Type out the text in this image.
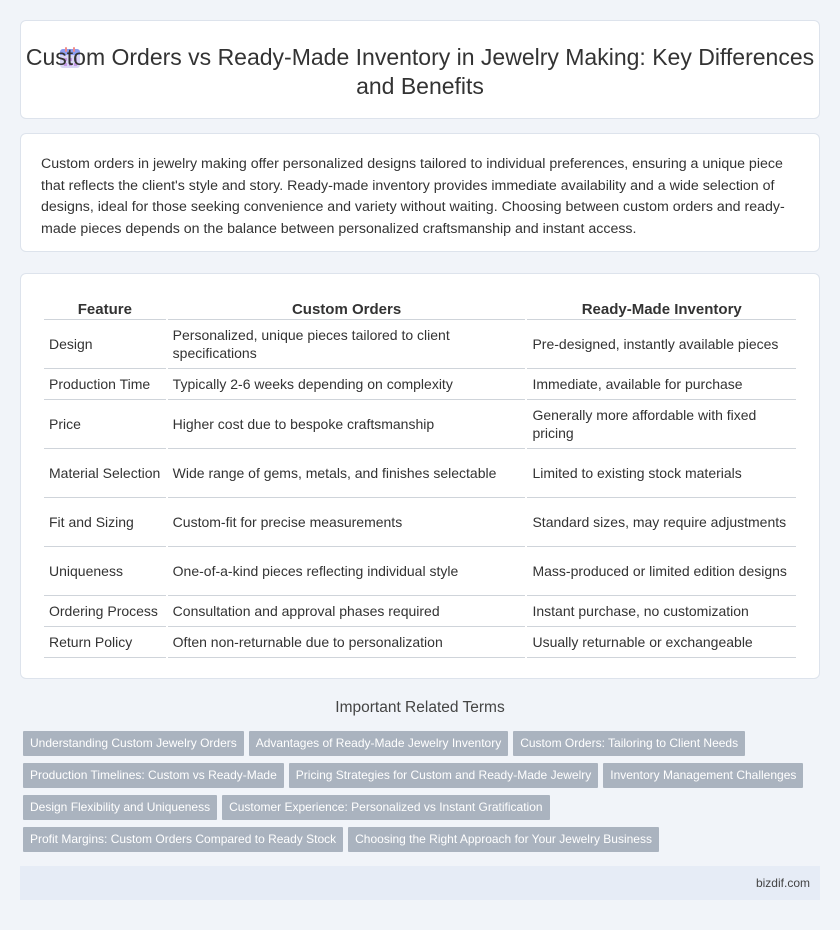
Custom Orders vs Ready-Made Inventory in Jewelry Making: Key Differences and Benefits

Custom orders in jewelry making offer personalized designs tailored to individual preferences, ensuring a unique piece that reflects the client's style and story. Ready-made inventory provides immediate availability and a wide selection of designs, ideal for those seeking convenience and variety without waiting. Choosing between custom orders and ready-made pieces depends on the balance between personalized craftsmanship and instant access.

Feature	Custom Orders	Ready-Made Inventory
Design	Personalized, unique pieces tailored to client specifications	Pre-designed, instantly available pieces
Production Time	Typically 2-6 weeks depending on complexity	Immediate, available for purchase
Price	Higher cost due to bespoke craftsmanship	Generally more affordable with fixed pricing
Material Selection	Wide range of gems, metals, and finishes selectable	Limited to existing stock materials
Fit and Sizing	Custom-fit for precise measurements	Standard sizes, may require adjustments
Uniqueness	One-of-a-kind pieces reflecting individual style	Mass-produced or limited edition designs
Ordering Process	Consultation and approval phases required	Instant purchase, no customization
Return Policy	Often non-returnable due to personalization	Usually returnable or exchangeable
Important Related Terms
Understanding Custom Jewelry Orders Advantages of Ready-Made Jewelry Inventory Custom Orders: Tailoring to Client Needs
Production Timelines: Custom vs Ready-Made Pricing Strategies for Custom and Ready-Made Jewelry Inventory Management Challenges
Design Flexibility and Uniqueness Customer Experience: Personalized vs Instant Gratification
Profit Margins: Custom Orders Compared to Ready Stock Choosing the Right Approach for Your Jewelry Business
bizdif.com
